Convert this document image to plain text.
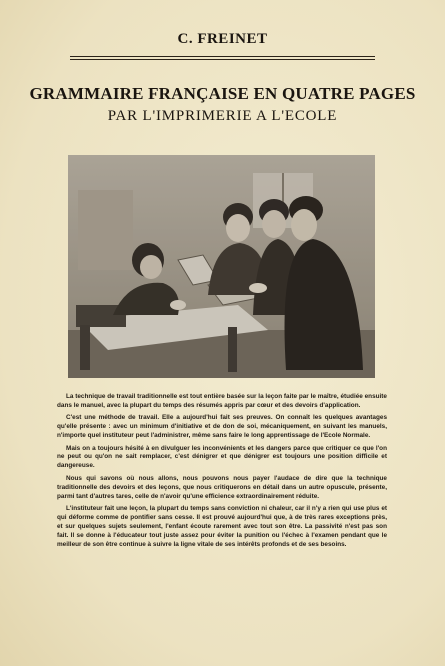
C. FREINET
GRAMMAIRE FRANÇAISE EN QUATRE PAGES
PAR L'IMPRIMERIE A L'ECOLE

La technique de travail traditionnelle est tout entière basée sur la leçon faite par le maître, étudiée ensuite dans le manuel, avec la plupart du temps des résumés appris par cœur et des devoirs d'application.

C'est une méthode de travail. Elle a aujourd'hui fait ses preuves. On connaît les quelques avantages qu'elle présente : avec un minimum d'initiative et de don de soi, mécaniquement, en suivant les manuels, n'importe quel instituteur peut l'administrer, même sans faire le long apprentissage de l'Ecole Normale.

Mais on a toujours hésité à en divulguer les inconvénients et les dangers parce que critiquer ce que l'on ne peut ou qu'on ne sait remplacer, c'est dénigrer et que dénigrer est toujours une position difficile et dangereuse.

Nous qui savons où nous allons, nous pouvons nous payer l'audace de dire que la technique traditionnelle des devoirs et des leçons, que nous critiquerons en détail dans un autre opuscule, présente, parmi tant d'autres tares, celle de n'avoir qu'une efficience extraordinairement réduite.

L'instituteur fait une leçon, la plupart du temps sans conviction ni chaleur, car il n'y a rien qui use plus et qui déforme comme de pontifier sans cesse. Il est prouvé aujourd'hui que, à de très rares exceptions près, et sur quelques sujets seulement, l'enfant écoute rarement avec tout son être. La passivité n'est pas son fait. Il se donne à l'éducateur tout juste assez pour éviter la punition ou l'échec à l'examen pendant que le meilleur de son être continue à suivre la ligne vitale de ses intérêts profonds et de ses besoins.
